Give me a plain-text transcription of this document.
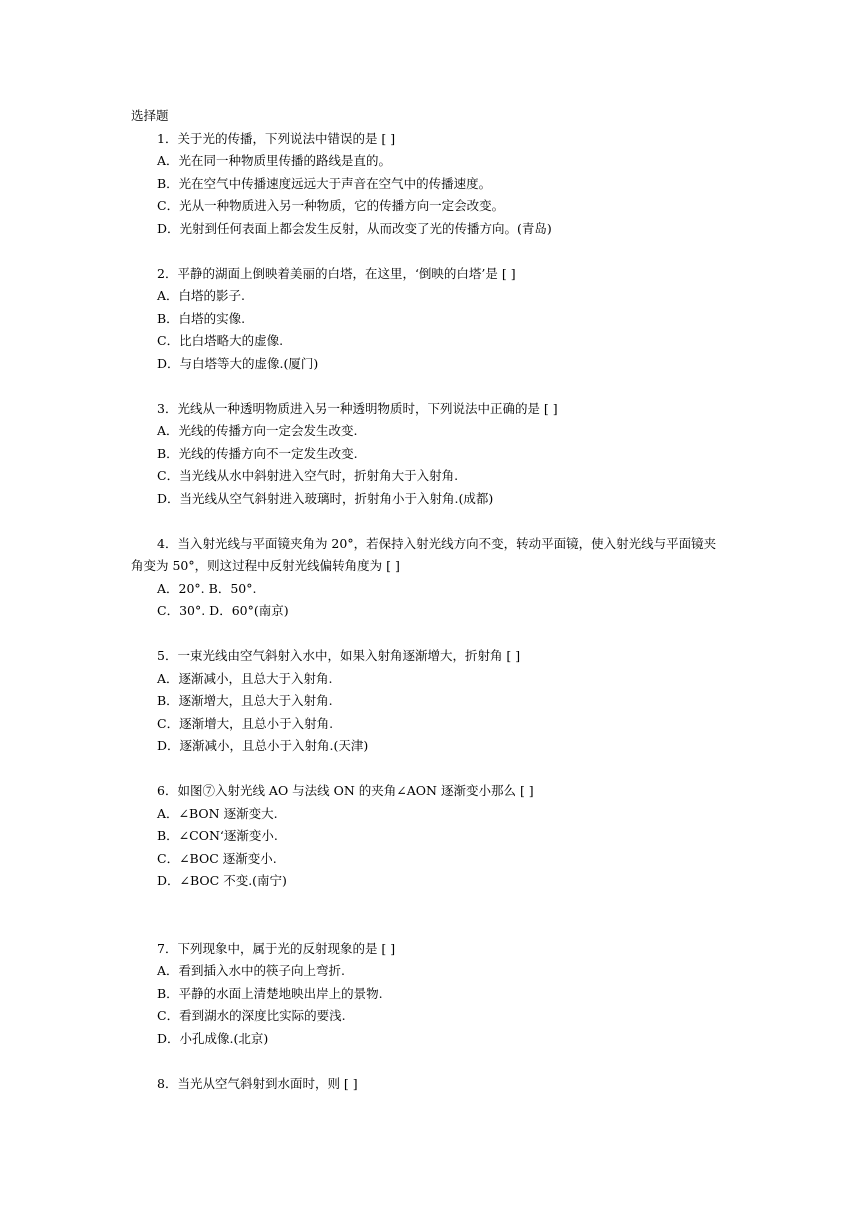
选择题
1．关于光的传播，下列说法中错误的是 [ ]
A．光在同一种物质里传播的路线是直的。
B．光在空气中传播速度远远大于声音在空气中的传播速度。
C．光从一种物质进入另一种物质，它的传播方向一定会改变。
D．光射到任何表面上都会发生反射，从而改变了光的传播方向。(青岛)
2．平静的湖面上倒映着美丽的白塔，在这里，‘倒映的白塔’是 [ ]
A．白塔的影子.
B．白塔的实像.
C．比白塔略大的虚像.
D．与白塔等大的虚像.(厦门)
3．光线从一种透明物质进入另一种透明物质时，下列说法中正确的是 [ ]
A．光线的传播方向一定会发生改变.
B．光线的传播方向不一定发生改变.
C．当光线从水中斜射进入空气时，折射角大于入射角.
D．当光线从空气斜射进入玻璃时，折射角小于入射角.(成都)
4．当入射光线与平面镜夹角为 20°，若保持入射光线方向不变，转动平面镜，使入射光线与平面镜夹
角变为 50°，则这过程中反射光线偏转角度为 [ ]
A．20°. B．50°.
C．30°. D．60°(南京)
5．一束光线由空气斜射入水中，如果入射角逐渐增大，折射角 [ ]
A．逐渐减小，且总大于入射角.
B．逐渐增大，且总大于入射角.
C．逐渐增大，且总小于入射角.
D．逐渐减小，且总小于入射角.(天津)
6．如图⑦入射光线 AO 与法线 ON 的夹角∠AON 逐渐变小那么 [ ]
A．∠BON 逐渐变大.
B．∠CON‘逐渐变小.
C．∠BOC 逐渐变小.
D．∠BOC 不变.(南宁)
7．下列现象中，属于光的反射现象的是 [ ]
A．看到插入水中的筷子向上弯折.
B．平静的水面上清楚地映出岸上的景物.
C．看到湖水的深度比实际的要浅.
D．小孔成像.(北京)
8．当光从空气斜射到水面时，则 [ ]
